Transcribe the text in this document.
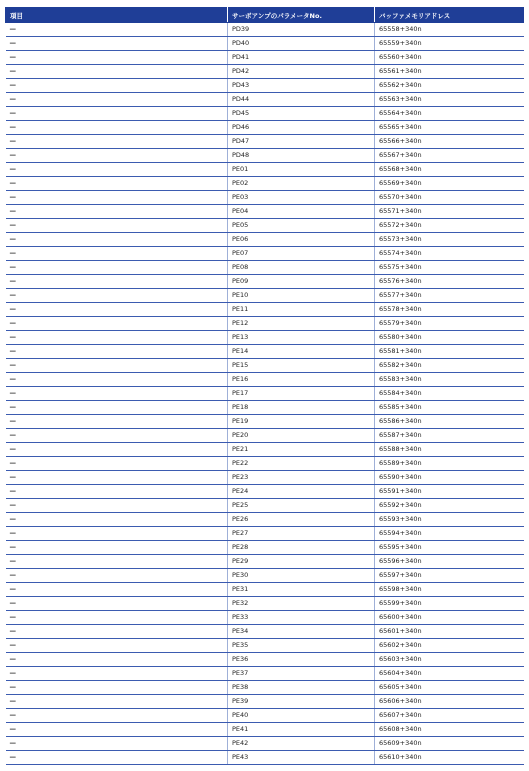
項目	サーボアンプのパラメータNo.	バッファメモリアドレス
—	PD39	65558+340n
—	PD40	65559+340n
—	PD41	65560+340n
—	PD42	65561+340n
—	PD43	65562+340n
—	PD44	65563+340n
—	PD45	65564+340n
—	PD46	65565+340n
—	PD47	65566+340n
—	PD48	65567+340n
—	PE01	65568+340n
—	PE02	65569+340n
—	PE03	65570+340n
—	PE04	65571+340n
—	PE05	65572+340n
—	PE06	65573+340n
—	PE07	65574+340n
—	PE08	65575+340n
—	PE09	65576+340n
—	PE10	65577+340n
—	PE11	65578+340n
—	PE12	65579+340n
—	PE13	65580+340n
—	PE14	65581+340n
—	PE15	65582+340n
—	PE16	65583+340n
—	PE17	65584+340n
—	PE18	65585+340n
—	PE19	65586+340n
—	PE20	65587+340n
—	PE21	65588+340n
—	PE22	65589+340n
—	PE23	65590+340n
—	PE24	65591+340n
—	PE25	65592+340n
—	PE26	65593+340n
—	PE27	65594+340n
—	PE28	65595+340n
—	PE29	65596+340n
—	PE30	65597+340n
—	PE31	65598+340n
—	PE32	65599+340n
—	PE33	65600+340n
—	PE34	65601+340n
—	PE35	65602+340n
—	PE36	65603+340n
—	PE37	65604+340n
—	PE38	65605+340n
—	PE39	65606+340n
—	PE40	65607+340n
—	PE41	65608+340n
—	PE42	65609+340n
—	PE43	65610+340n
